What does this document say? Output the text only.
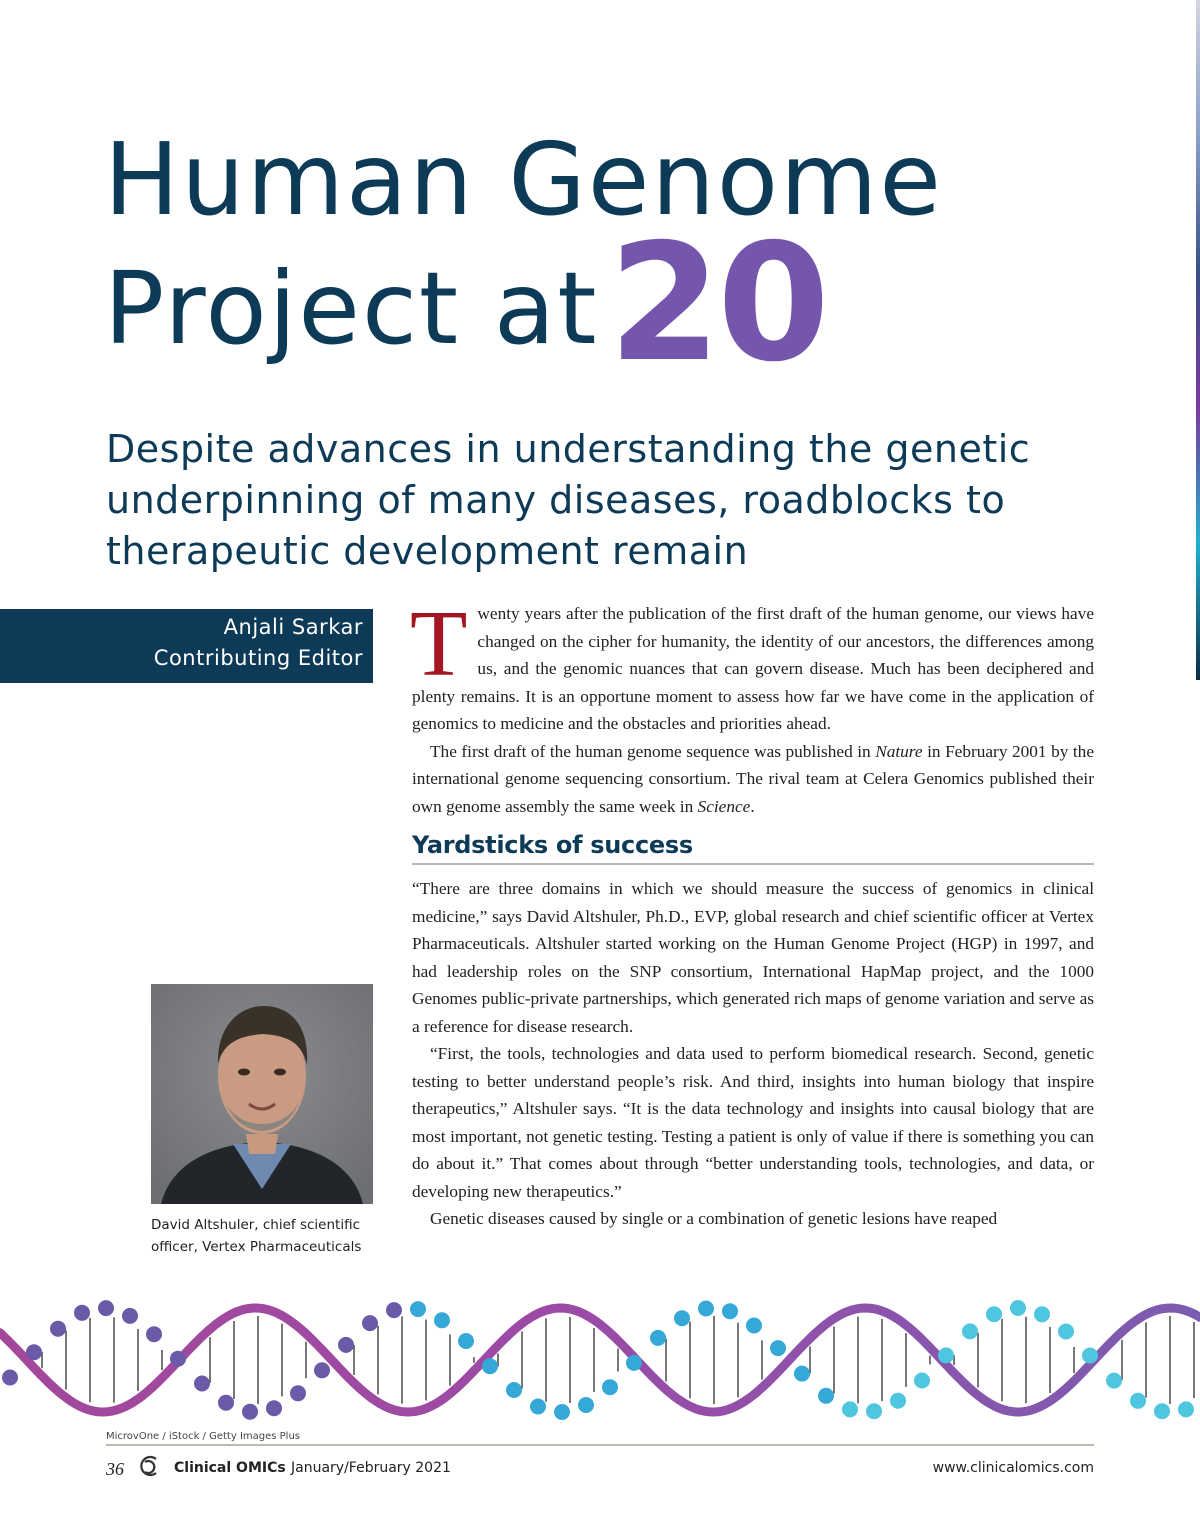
Human Genome
Project at20
Despite advances in understanding the genetic underpinning of many diseases, roadblocks to therapeutic development remain
Anjali Sarkar
Contributing Editor Twenty years after the publication of the first draft of the human genome, our views have changed on the cipher for humanity, the identity of our ancestors, the differences among us, and the genomic nuances that can govern disease. Much has been deciphered and plenty remains. It is an opportune moment to assess how far we have come in the application of genomics to medicine and the obstacles and priorities ahead.

The first draft of the human genome sequence was published in Nature in February 2001 by the international genome sequencing consortium. The rival team at Celera Genomics published their own genome assembly the same week in Science.

Yardsticks of success

“There are three domains in which we should measure the success of genomics in clinical medicine,” says David Altshuler, Ph.D., EVP, global research and chief scientific officer at Vertex Pharmaceuticals. Altshuler started working on the Human Genome Project (HGP) in 1997, and had leadership roles on the SNP consortium, International HapMap project, and the 1000 Genomes public-private partnerships, which generated rich maps of genome variation and serve as a reference for disease research.

“First, the tools, technologies and data used to perform biomedical research. Second, genetic testing to better understand people’s risk. And third, insights into human biology that inspire therapeutics,” Altshuler says. “It is the data technology and insights into causal biology that are most important, not genetic testing. Testing a patient is only of value if there is something you can do about it.” That comes about through “better understanding tools, technologies, and data, or developing new therapeutics.”

Genetic diseases caused by single or a combination of genetic lesions have reaped

David Altshuler, chief scientific
officer, Vertex Pharmaceuticals
MicrovOne / iStock / Getty Images Plus
36	Clinical OMICs January/February 2021	www.clinicalomics.com
